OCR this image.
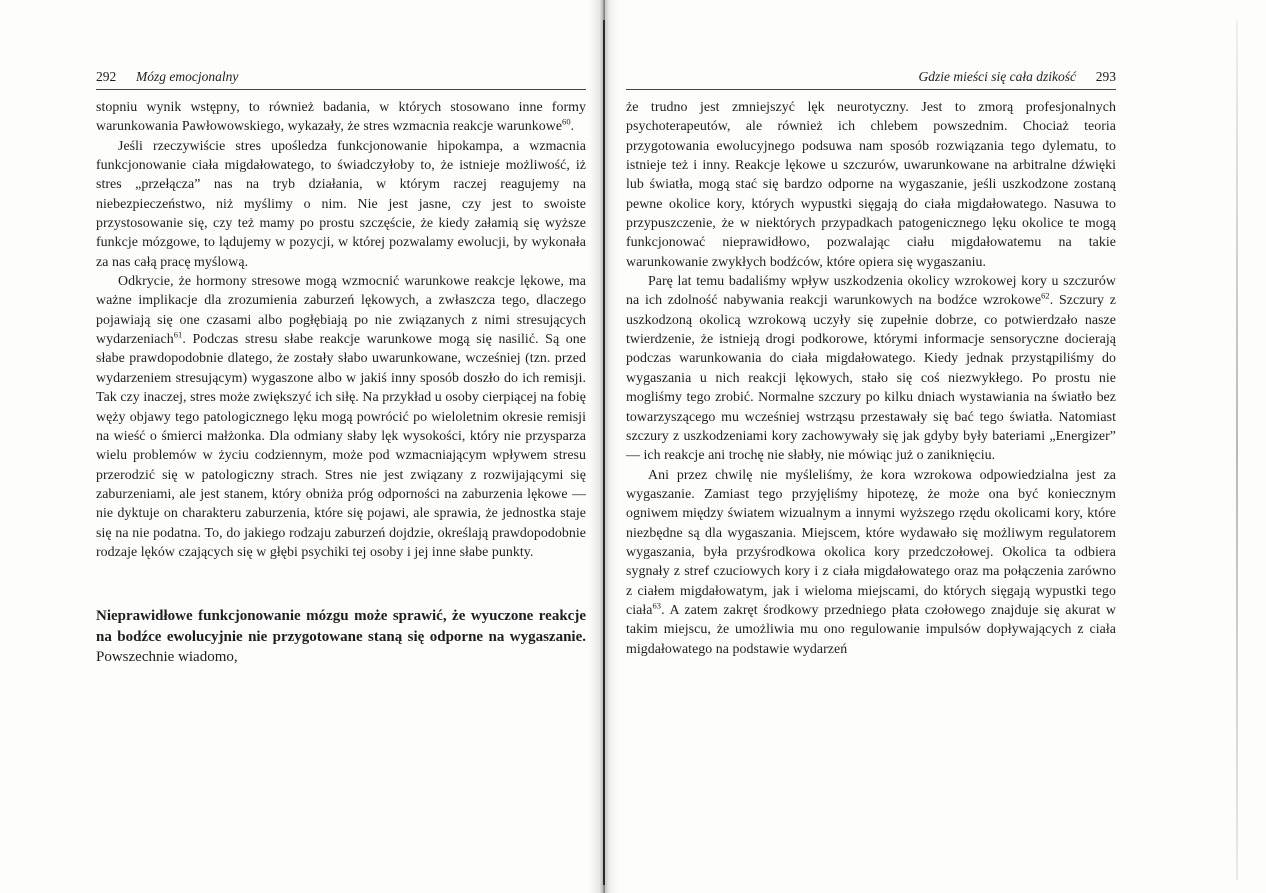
292 Mózg emocjonalny

stopniu wynik wstępny, to również badania, w których stosowano inne formy warunkowania Pawłowowskiego, wykazały, że stres wzmacnia reakcje warunkowe$^{60}$.

Jeśli rzeczywiście stres upośledza funkcjonowanie hipokampa, a wzmacnia funkcjonowanie ciała migdałowatego, to świadczyłoby to, że istnieje możliwość, iż stres „przełącza” nas na tryb działania, w którym raczej reagujemy na niebezpieczeństwo, niż myślimy o nim. Nie jest jasne, czy jest to swoiste przystosowanie się, czy też mamy po prostu szczęście, że kiedy załamią się wyższe funkcje mózgowe, to lądujemy w pozycji, w której pozwalamy ewolucji, by wykonała za nas całą pracę myślową.

Odkrycie, że hormony stresowe mogą wzmocnić warunkowe reakcje lękowe, ma ważne implikacje dla zrozumienia zaburzeń lękowych, a zwłaszcza tego, dlaczego pojawiają się one czasami albo pogłębiają po nie związanych z nimi stresujących wydarzeniach$^{61}$. Podczas stresu słabe reakcje warunkowe mogą się nasilić. Są one słabe prawdopodobnie dlatego, że zostały słabo uwarunkowane, wcześniej (tzn. przed wydarzeniem stresującym) wygaszone albo w jakiś inny sposób doszło do ich remisji. Tak czy inaczej, stres może zwiększyć ich siłę. Na przykład u osoby cierpiącej na fobię węży objawy tego patologicznego lęku mogą powrócić po wieloletnim okresie remisji na wieść o śmierci małżonka. Dla odmiany słaby lęk wysokości, który nie przysparza wielu problemów w życiu codziennym, może pod wzmacniającym wpływem stresu przerodzić się w patologiczny strach. Stres nie jest związany z rozwijającymi się zaburzeniami, ale jest stanem, który obniża próg odporności na zaburzenia lękowe — nie dyktuje on charakteru zaburzenia, które się pojawi, ale sprawia, że jednostka staje się na nie podatna. To, do jakiego rodzaju zaburzeń dojdzie, określają prawdopodobnie rodzaje lęków czających się w głębi psychiki tej osoby i jej inne słabe punkty.

Nieprawidłowe funkcjonowanie mózgu może sprawić, że wyuczone reakcje na bodźce ewolucyjnie nie przygotowane staną się odporne na wygaszanie. Powszechnie wiadomo,

Gdzie mieści się cała dzikość 293

że trudno jest zmniejszyć lęk neurotyczny. Jest to zmorą profesjonalnych psychoterapeutów, ale również ich chlebem powszednim. Chociaż teoria przygotowania ewolucyjnego podsuwa nam sposób rozwiązania tego dylematu, to istnieje też i inny. Reakcje lękowe u szczurów, uwarunkowane na arbitralne dźwięki lub światła, mogą stać się bardzo odporne na wygaszanie, jeśli uszkodzone zostaną pewne okolice kory, których wypustki sięgają do ciała migdałowatego. Nasuwa to przypuszczenie, że w niektórych przypadkach patogenicznego lęku okolice te mogą funkcjonować nieprawidłowo, pozwalając ciału migdałowatemu na takie warunkowanie zwykłych bodźców, które opiera się wygaszaniu.

Parę lat temu badaliśmy wpływ uszkodzenia okolicy wzrokowej kory u szczurów na ich zdolność nabywania reakcji warunkowych na bodźce wzrokowe$^{62}$. Szczury z uszkodzoną okolicą wzrokową uczyły się zupełnie dobrze, co potwierdzało nasze twierdzenie, że istnieją drogi podkorowe, którymi informacje sensoryczne docierają podczas warunkowania do ciała migdałowatego. Kiedy jednak przystąpiliśmy do wygaszania u nich reakcji lękowych, stało się coś niezwykłego. Po prostu nie mogliśmy tego zrobić. Normalne szczury po kilku dniach wystawiania na światło bez towarzyszącego mu wcześniej wstrząsu przestawały się bać tego światła. Natomiast szczury z uszkodzeniami kory zachowywały się jak gdyby były bateriami „Energizer” — ich reakcje ani trochę nie słabły, nie mówiąc już o zaniknięciu.

Ani przez chwilę nie myśleliśmy, że kora wzrokowa odpowiedzialna jest za wygaszanie. Zamiast tego przyjęliśmy hipotezę, że może ona być koniecznym ogniwem między światem wizualnym a innymi wyższego rzędu okolicami kory, które niezbędne są dla wygaszania. Miejscem, które wydawało się możliwym regulatorem wygaszania, była przyśrodkowa okolica kory przedczołowej. Okolica ta odbiera sygnały z stref czuciowych kory i z ciała migdałowatego oraz ma połączenia zarówno z ciałem migdałowatym, jak i wieloma miejscami, do których sięgają wypustki tego ciała$^{63}$. A zatem zakręt środkowy przedniego płata czołowego znajduje się akurat w takim miejscu, że umożliwia mu ono regulowanie impulsów dopływających z ciała migdałowatego na podstawie wydarzeń
